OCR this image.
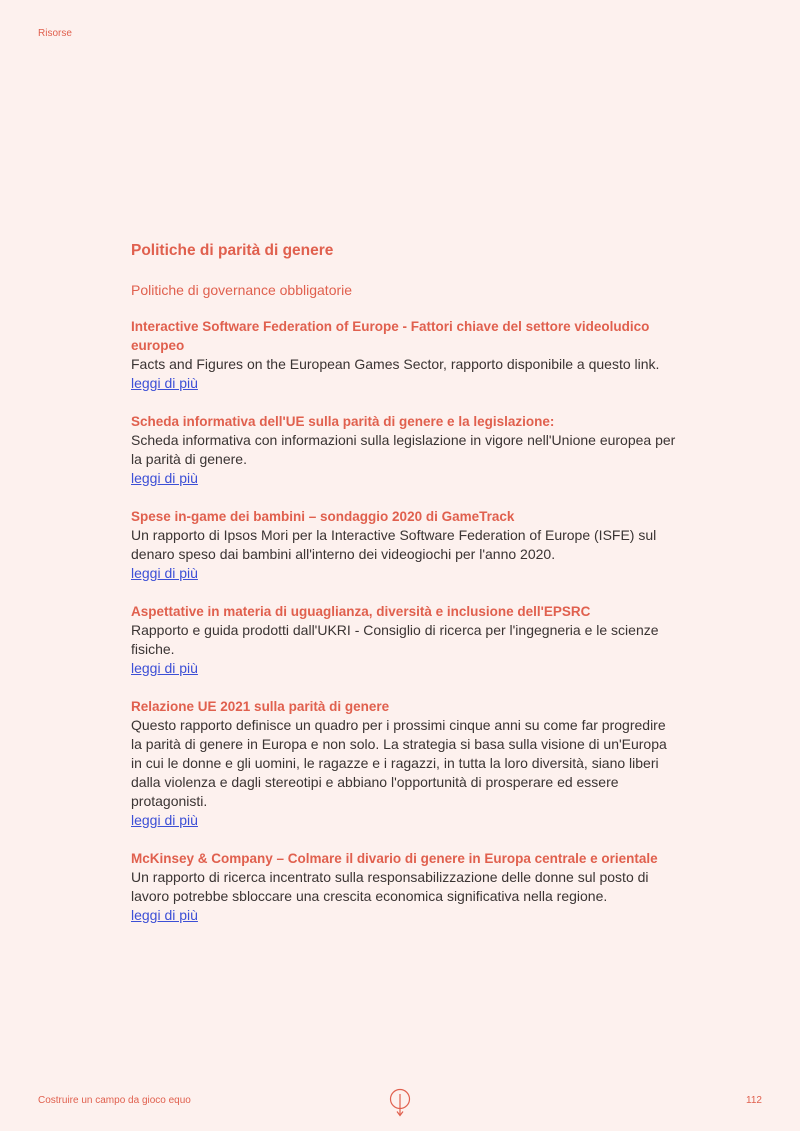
Risorse
Politiche di parità di genere
Politiche di governance obbligatorie
Interactive Software Federation of Europe - Fattori chiave del settore videoludico europeo
Facts and Figures on the European Games Sector, rapporto disponibile a questo link.
leggi di più
Scheda informativa dell'UE sulla parità di genere e la legislazione:
Scheda informativa con informazioni sulla legislazione in vigore nell'Unione europea per la parità di genere.
leggi di più
Spese in-game dei bambini – sondaggio 2020 di GameTrack
Un rapporto di Ipsos Mori per la Interactive Software Federation of Europe (ISFE) sul denaro speso dai bambini all'interno dei videogiochi per l'anno 2020.
leggi di più
Aspettative in materia di uguaglianza, diversità e inclusione dell'EPSRC
Rapporto e guida prodotti dall'UKRI - Consiglio di ricerca per l'ingegneria e le scienze fisiche.
leggi di più
Relazione UE 2021 sulla parità di genere
Questo rapporto definisce un quadro per i prossimi cinque anni su come far progredire la parità di genere in Europa e non solo. La strategia si basa sulla visione di un'Europa in cui le donne e gli uomini, le ragazze e i ragazzi, in tutta la loro diversità, siano liberi dalla violenza e dagli stereotipi e abbiano l'opportunità di prosperare ed essere protagonisti.
leggi di più
McKinsey & Company – Colmare il divario di genere in Europa centrale e orientale
Un rapporto di ricerca incentrato sulla responsabilizzazione delle donne sul posto di lavoro potrebbe sbloccare una crescita economica significativa nella regione.
leggi di più
Costruire un campo da gioco equo	112
